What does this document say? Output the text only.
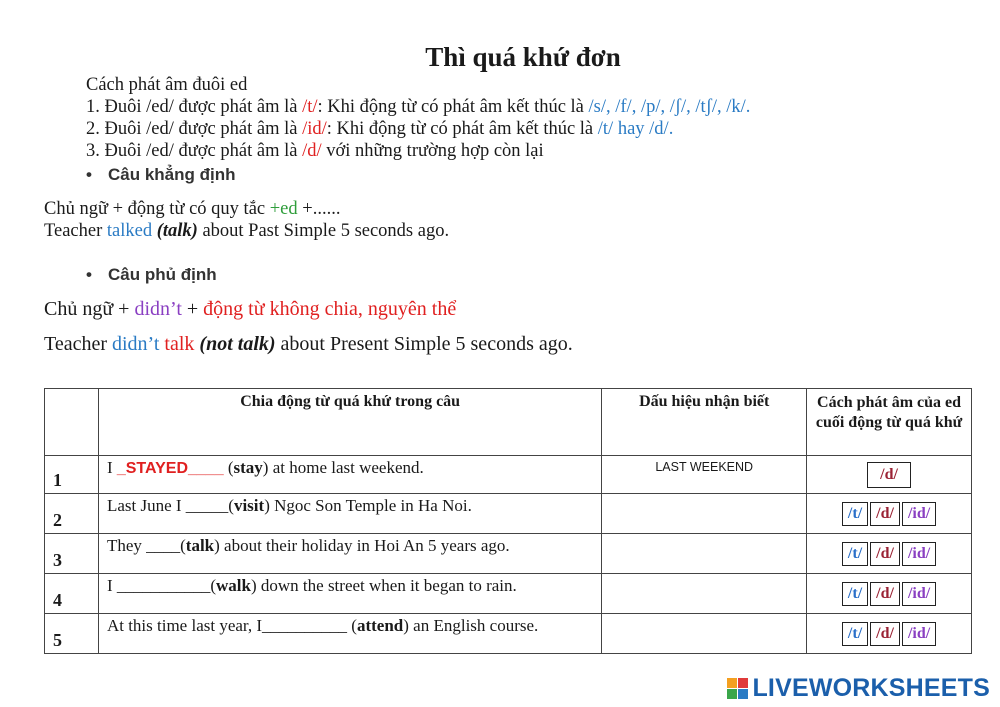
Thì quá khứ đơn
Cách phát âm đuôi ed
1. Đuôi /ed/ được phát âm là /t/: Khi động từ có phát âm kết thúc là /s/, /f/, /p/, /ʃ/, /tʃ/, /k/.
2. Đuôi /ed/ được phát âm là /id/: Khi động từ có phát âm kết thúc là /t/ hay /d/.
3. Đuôi /ed/ được phát âm là /d/ với những trường hợp còn lại
• Câu khẳng định
Chủ ngữ + động từ có quy tắc +ed +......
Teacher talked (talk) about Past Simple 5 seconds ago.
• Câu phủ định
Chủ ngữ + didn’t + động từ không chia, nguyên thể
Teacher didn’t talk (not talk) about Present Simple 5 seconds ago.
	Chia động từ quá khứ trong câu	Dấu hiệu nhận biết	Cách phát âm của ed cuối động từ quá khứ
1	I _STAYED____ (stay) at home last weekend.	LAST WEEKEND	/d/

2	Last June I _____(visit) Ngoc Son Temple in Ha Noi.		/t/ /d/ /id/

3	They ____(talk) about their holiday in Hoi An 5 years ago.		/t/ /d/ /id/

4	I ___________(walk) down the street when it began to rain.		/t/ /d/ /id/

5	At this time last year, I__________ (attend) an English course.		/t/ /d/ /id/
LIVEWORKSHEETS
